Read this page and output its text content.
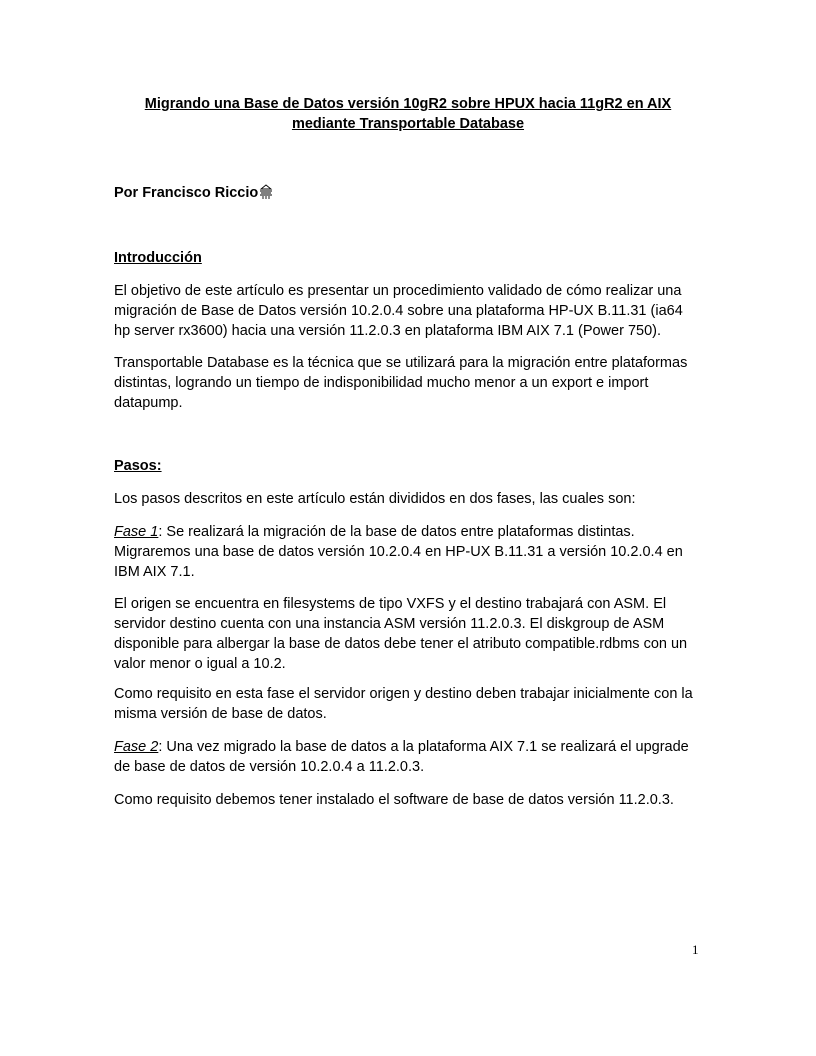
Migrando una Base de Datos versión 10gR2 sobre HPUX hacia 11gR2 en AIX
mediante Transportable Database
Por Francisco Riccio
Introducción

El objetivo de este artículo es presentar un procedimiento validado de cómo realizar una
migración de Base de Datos versión 10.2.0.4 sobre una plataforma HP-UX B.11.31 (ia64
hp server rx3600) hacia una versión 11.2.0.3 en plataforma IBM AIX 7.1 (Power 750).

Transportable Database es la técnica que se utilizará para la migración entre plataformas
distintas, logrando un tiempo de indisponibilidad mucho menor a un export e import
datapump.

Pasos:

Los pasos descritos en este artículo están divididos en dos fases, las cuales son:

Fase 1: Se realizará la migración de la base de datos entre plataformas distintas.
Migraremos una base de datos versión 10.2.0.4 en HP-UX B.11.31 a versión 10.2.0.4 en
IBM AIX 7.1.

El origen se encuentra en filesystems de tipo VXFS y el destino trabajará con ASM. El
servidor destino cuenta con una instancia ASM versión 11.2.0.3. El diskgroup de ASM
disponible para albergar la base de datos debe tener el atributo compatible.rdbms con un
valor menor o igual a 10.2.

Como requisito en esta fase el servidor origen y destino deben trabajar inicialmente con la
misma versión de base de datos.

Fase 2: Una vez migrado la base de datos a la plataforma AIX 7.1 se realizará el upgrade
de base de datos de versión 10.2.0.4 a 11.2.0.3.

Como requisito debemos tener instalado el software de base de datos versión 11.2.0.3.

1
